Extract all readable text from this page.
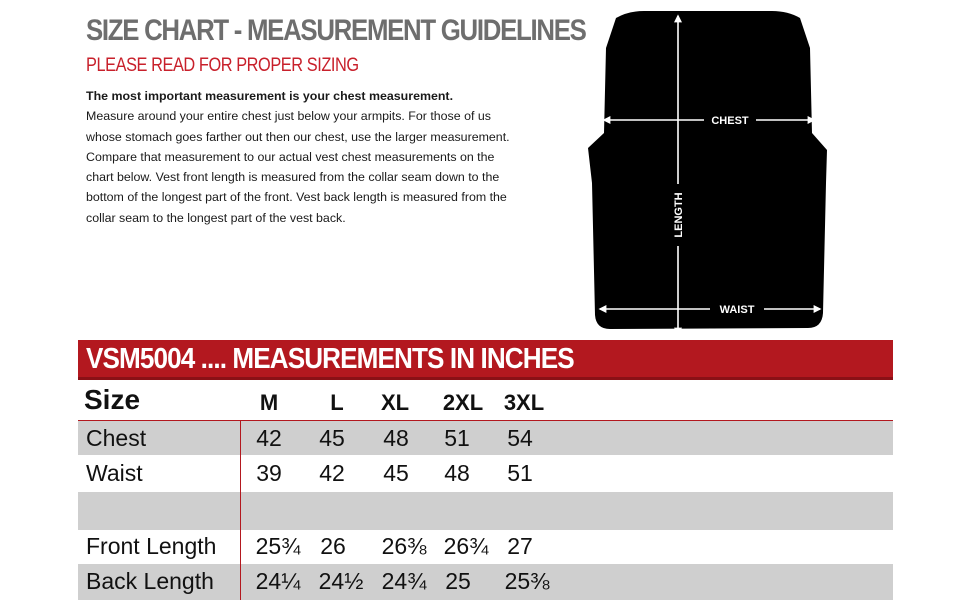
SIZE CHART - MEASUREMENT GUIDELINES
PLEASE READ FOR PROPER SIZING
The most important measurement is your chest measurement.
Measure around your entire chest just below your armpits. For those of us whose stomach goes farther out then our chest, use the larger measurement. Compare that measurement to our actual vest chest measurements on the chart below. Vest front length is measured from the collar seam down to the bottom of the longest part of the front. Vest back length is measured from the collar seam to the longest part of the vest back.
CHEST
WAIST
LENGTH
VSM5004 .... MEASUREMENTS IN INCHES
Size	M	L	XL	2XL 3XL
Chest	42	45	48	51	54
Waist	39	42	45	48	51
Front Length	25¾ 26	26⅜ 26¾ 27
Back Length	24¼ 24½ 24¾ 25	25⅜
